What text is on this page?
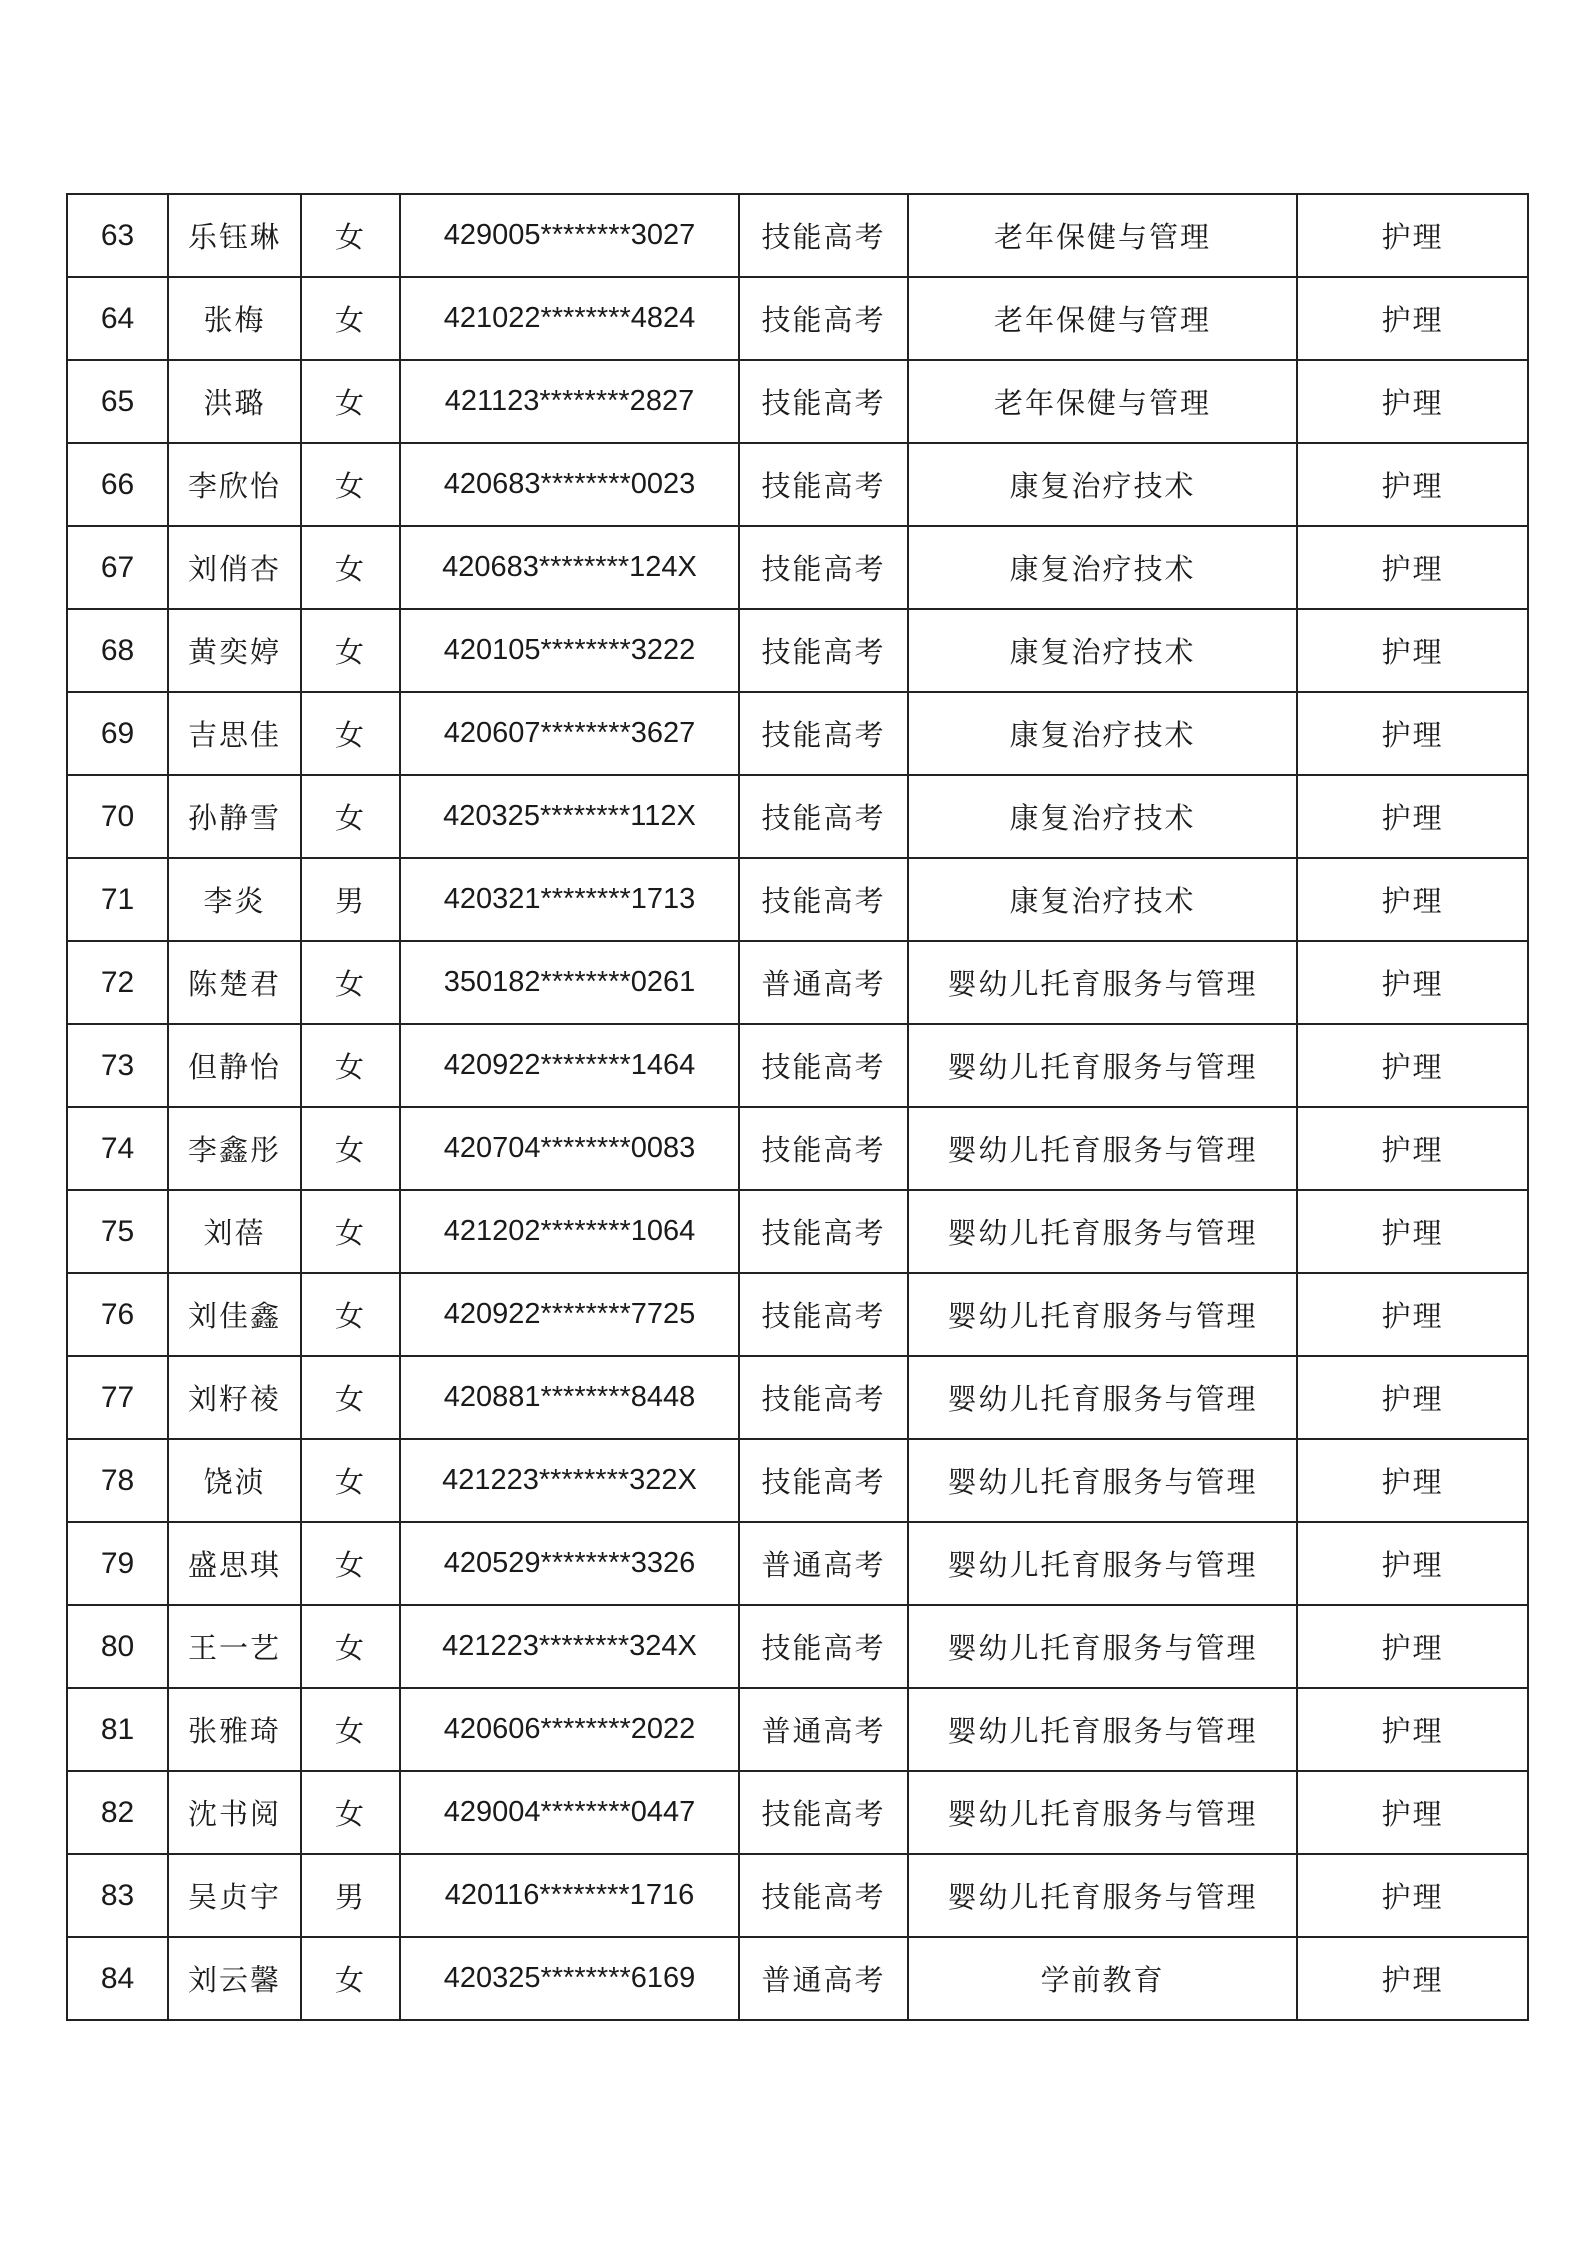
63	乐钰琳	女	429005********3027	技能高考	老年保健与管理	护理
64	张梅	女	421022********4824	技能高考	老年保健与管理	护理
65	洪璐	女	421123********2827	技能高考	老年保健与管理	护理
66	李欣怡	女	420683********0023	技能高考	康复治疗技术	护理
67	刘俏杏	女	420683********124X	技能高考	康复治疗技术	护理
68	黄奕婷	女	420105********3222	技能高考	康复治疗技术	护理
69	吉思佳	女	420607********3627	技能高考	康复治疗技术	护理
70	孙静雪	女	420325********112X	技能高考	康复治疗技术	护理
71	李炎	男	420321********1713	技能高考	康复治疗技术	护理
72	陈楚君	女	350182********0261	普通高考	婴幼儿托育服务与管理	护理
73	但静怡	女	420922********1464	技能高考	婴幼儿托育服务与管理	护理
74	李鑫彤	女	420704********0083	技能高考	婴幼儿托育服务与管理	护理
75	刘蓓	女	421202********1064	技能高考	婴幼儿托育服务与管理	护理
76	刘佳鑫	女	420922********7725	技能高考	婴幼儿托育服务与管理	护理
77	刘籽祾	女	420881********8448	技能高考	婴幼儿托育服务与管理	护理
78	饶浈	女	421223********322X	技能高考	婴幼儿托育服务与管理	护理
79	盛思琪	女	420529********3326	普通高考	婴幼儿托育服务与管理	护理
80	王一艺	女	421223********324X	技能高考	婴幼儿托育服务与管理	护理
81	张雅琦	女	420606********2022	普通高考	婴幼儿托育服务与管理	护理
82	沈书阅	女	429004********0447	技能高考	婴幼儿托育服务与管理	护理
83	吴贞宇	男	420116********1716	技能高考	婴幼儿托育服务与管理	护理
84	刘云馨	女	420325********6169	普通高考	学前教育	护理
